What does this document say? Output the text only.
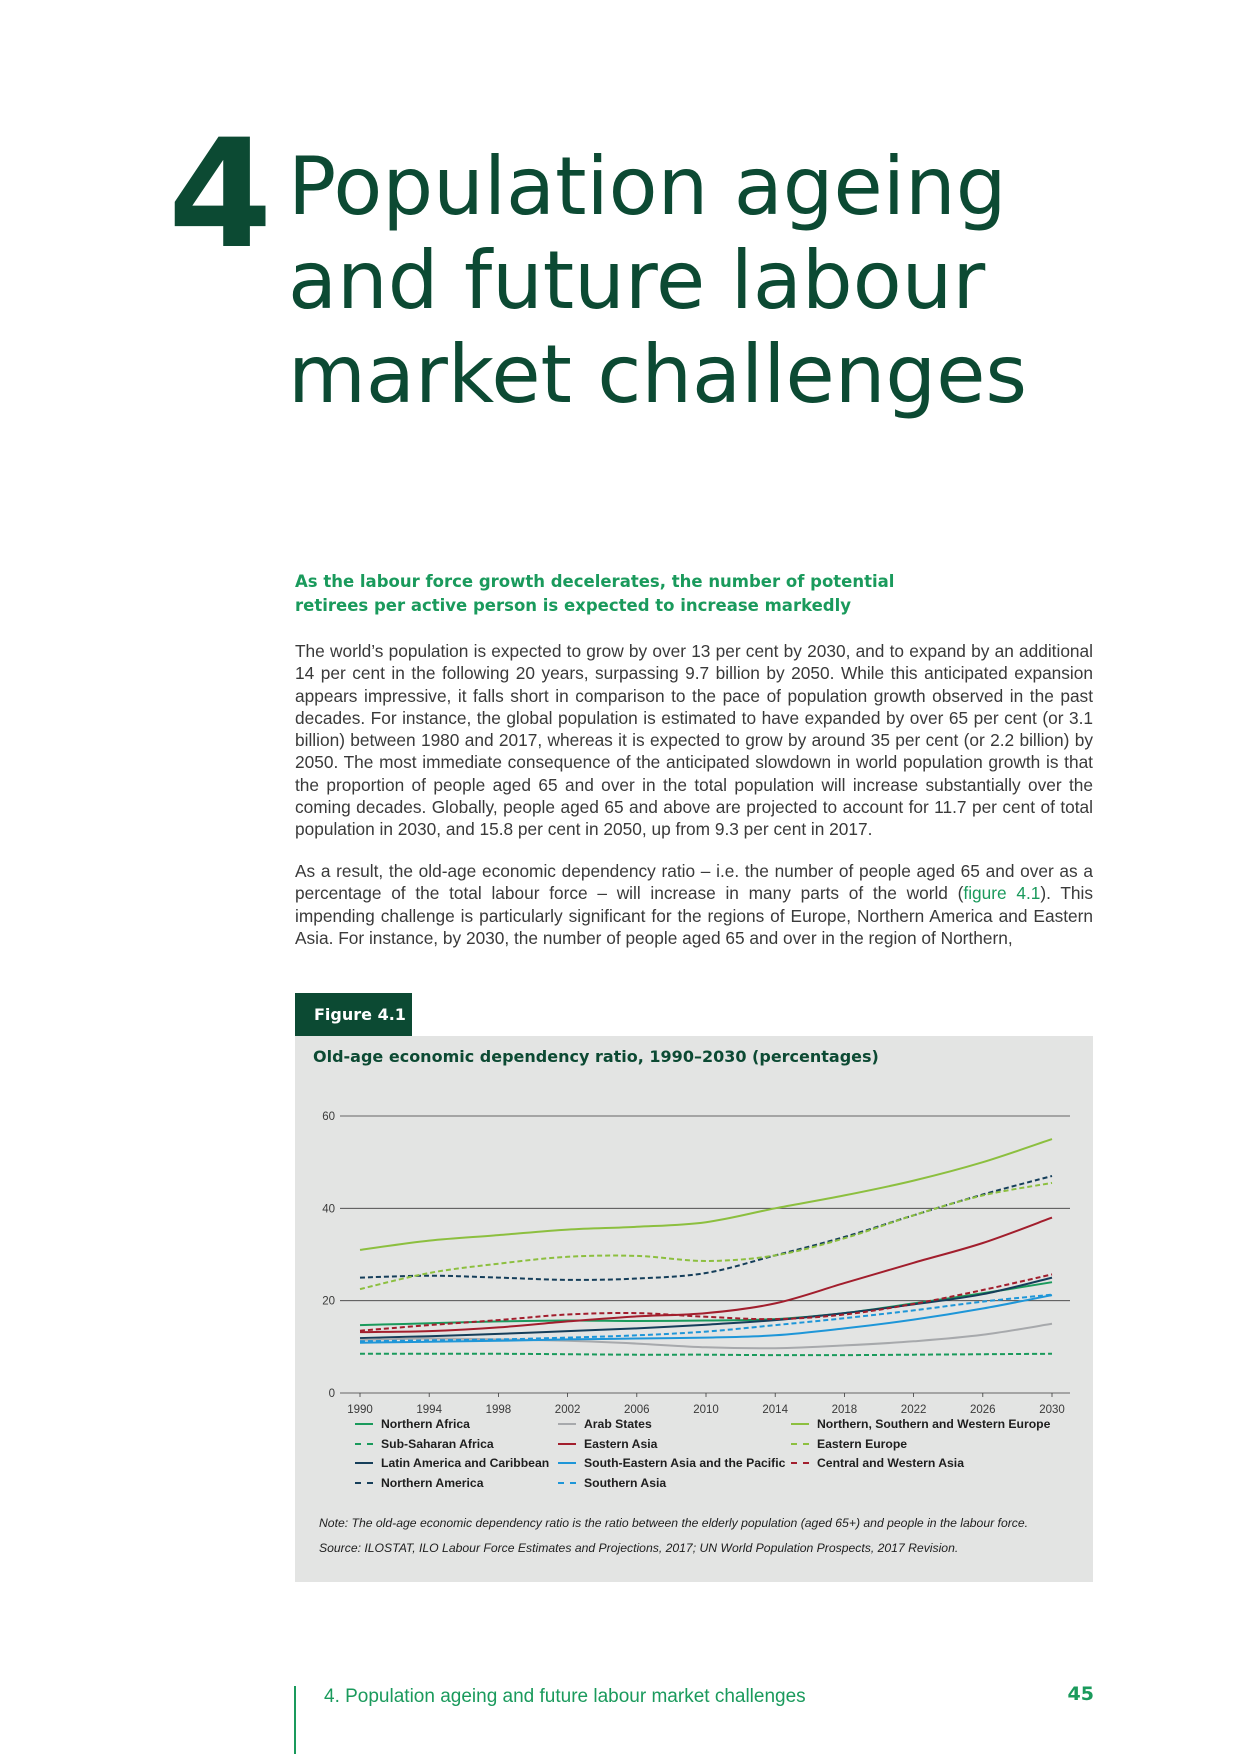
4 Population ageing
and future labour
market challenges
As the labour force growth decelerates, the number of potential
retirees per active person is expected to increase markedly

The world’s population is expected to grow by over 13 per cent by 2030, and to expand by an additional 14 per cent in the following 20 years, surpassing 9.7 billion by 2050. While this anticipated expansion appears impressive, it falls short in comparison to the pace of population growth observed in the past decades. For instance, the global population is estimated to have expanded by over 65 per cent (or 3.1 billion) between 1980 and 2017, whereas it is expected to grow by around 35 per cent (or 2.2 billion) by 2050. The most immediate consequence of the anticipated slowdown in world population growth is that the proportion of people aged 65 and over in the total population will increase substantially over the coming decades. Globally, people aged 65 and above are projected to account for 11.7 per cent of total population in 2030, and 15.8 per cent in 2050, up from 9.3 per cent in 2017.

As a result, the old-age economic dependency ratio – i.e. the number of people aged 65 and over as a percentage of the total labour force – will increase in many parts of the world (figure 4.1). This impending challenge is particularly significant for the regions of Europe, Northern America and Eastern Asia. For instance, by 2030, the number of people aged 65 and over in the region of Northern,

Figure 4.1
Old-age economic dependency ratio, 1990–2030 (percentages)
0
20
40
60
1990	1994	1998	2002	2006	2010	2014	2018	2022	2026	2030
Northern Africa
Sub-Saharan Africa
Latin America and Caribbean
Northern America
Arab States
Eastern Asia
South-Eastern Asia and the Pacific
Southern Asia
Northern, Southern and Western Europe
Eastern Europe
Central and Western Asia
Note: The old-age economic dependency ratio is the ratio between the elderly population (aged 65+) and people in the labour force.
Source: ILOSTAT, ILO Labour Force Estimates and Projections, 2017; UN World Population Prospects, 2017 Revision.
4. Population ageing and future labour market challenges	45
